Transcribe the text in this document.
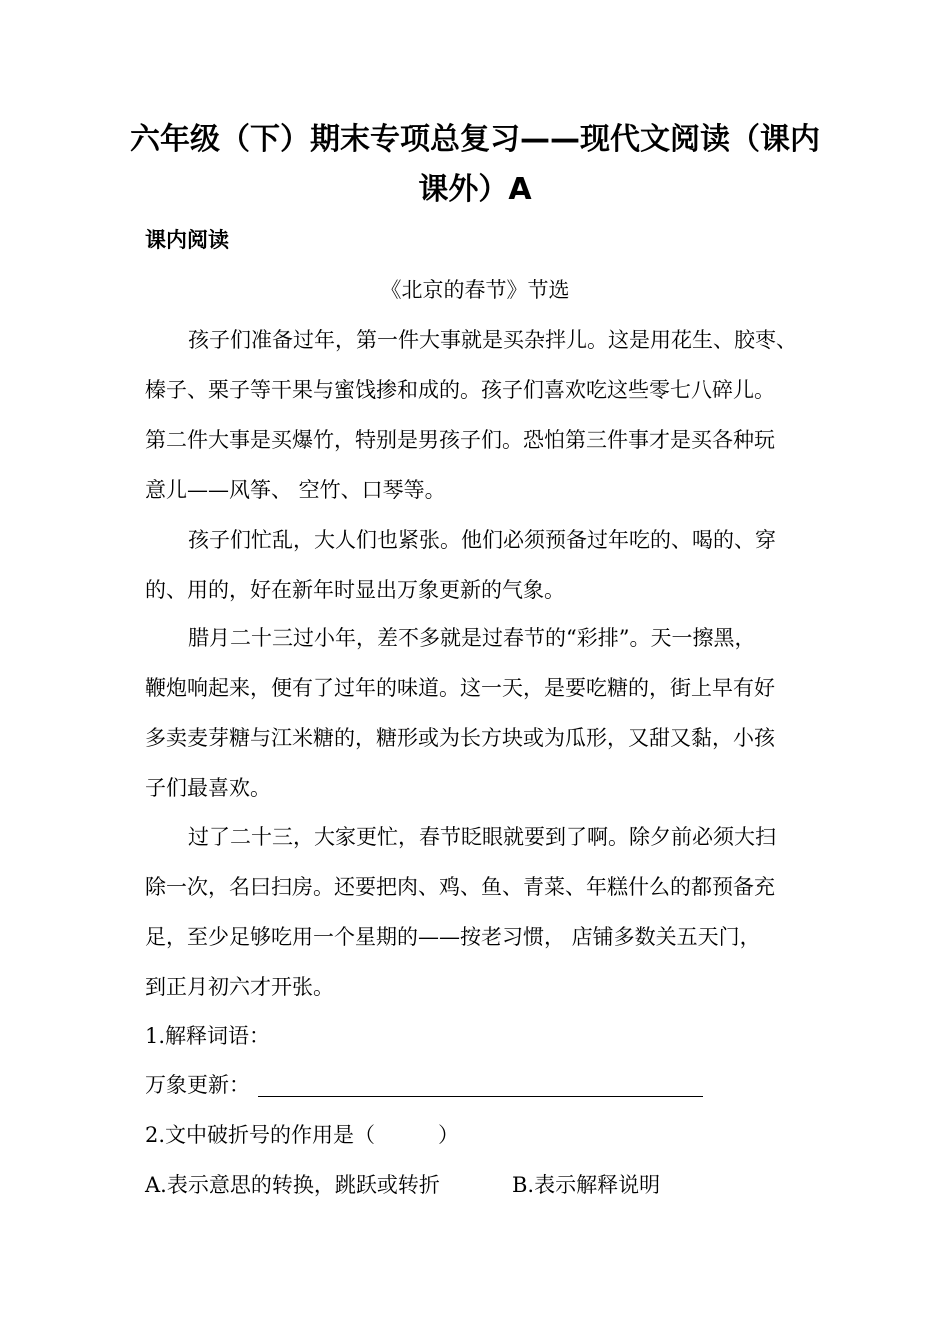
六年级（下）期末专项总复习——现代文阅读（课内
课外）A
课内阅读
《北京的春节》节选
孩子们准备过年，第一件大事就是买杂拌儿。这是用花生、胶枣、
榛子、栗子等干果与蜜饯掺和成的。孩子们喜欢吃这些零七八碎儿。
第二件大事是买爆竹，特别是男孩子们。恐怕第三件事才是买各种玩
意儿——风筝、 空竹、口琴等。
孩子们忙乱，大人们也紧张。他们必须预备过年吃的、喝的、穿
的、用的，好在新年时显出万象更新的气象。
腊月二十三过小年，差不多就是过春节的“彩排”。天一擦黑，
鞭炮响起来，便有了过年的味道。这一天，是要吃糖的，街上早有好
多卖麦芽糖与江米糖的，糖形或为长方块或为瓜形，又甜又黏，小孩
子们最喜欢。
过了二十三，大家更忙，春节眨眼就要到了啊。除夕前必须大扫
除一次，名曰扫房。还要把肉、鸡、鱼、青菜、年糕什么的都预备充
足，至少足够吃用一个星期的——按老习惯， 店铺多数关五天门，
到正月初六才开张。
1.解释词语：
万象更新：
2.文中破折号的作用是（　　　）
A.表示意思的转换，跳跃或转折	B.表示解释说明
